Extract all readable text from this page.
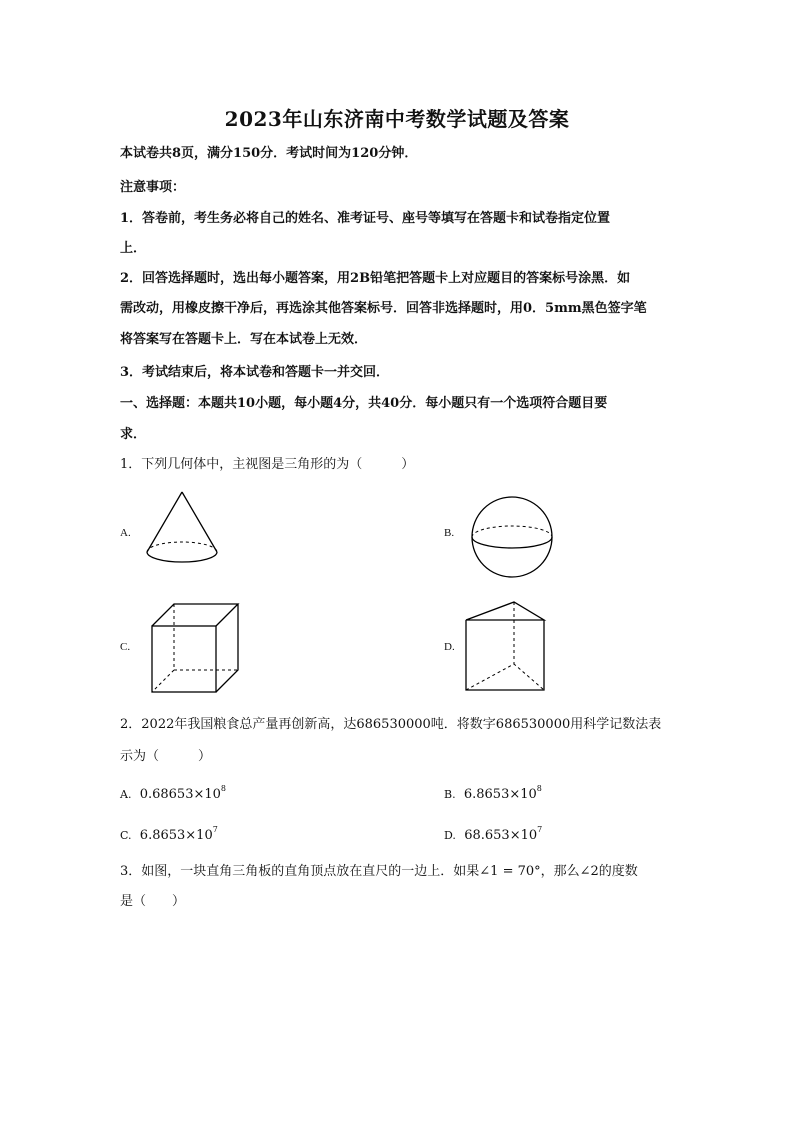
2023年山东济南中考数学试题及答案
本试卷共8页，满分150分．考试时间为120分钟．
注意事项：
1．答卷前，考生务必将自己的姓名、准考证号、座号等填写在答题卡和试卷指定位置
上．
2．回答选择题时，选出每小题答案，用2B铅笔把答题卡上对应题目的答案标号涂黑．如
需改动，用橡皮擦干净后，再选涂其他答案标号．回答非选择题时，用0．5mm黑色签字笔
将答案写在答题卡上．写在本试卷上无效．
3．考试结束后，将本试卷和答题卡一并交回．
一、选择题：本题共10小题，每小题4分，共40分．每小题只有一个选项符合题目要
求．
1．下列几何体中，主视图是三角形的为（　　　）
A.	B.
C.	D.
2．2022年我国粮食总产量再创新高，达686530000吨．将数字686530000用科学记数法表
示为（　　　）
A. $0.68653\times 10^8$	B. $6.8653\times 10^8$
C. $6.8653\times 10^7$	D. $68.653\times 10^7$
3．如图，一块直角三角板的直角顶点放在直尺的一边上．如果∠1 = 70°，那么∠2的度数
是（　　）
